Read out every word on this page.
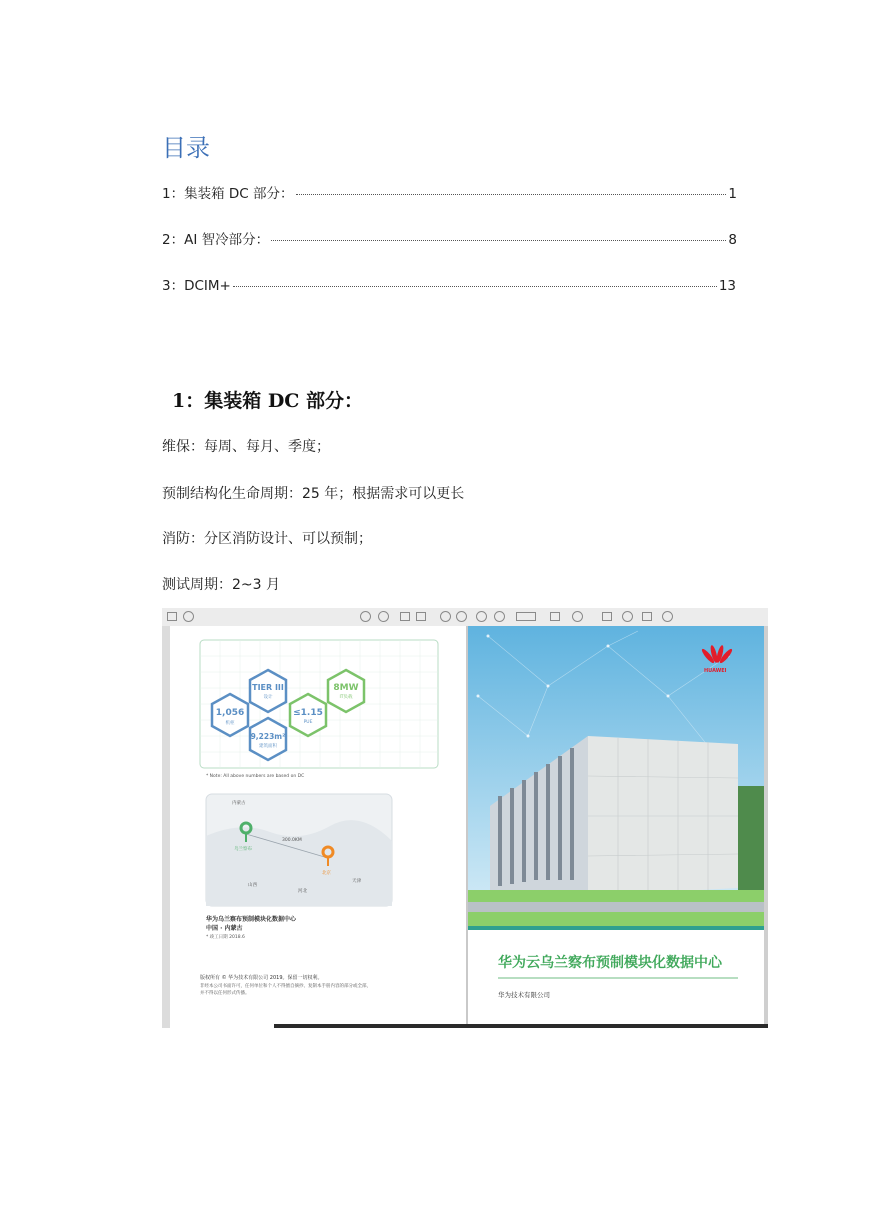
目录
1：集装箱 DC 部分：	1
2：AI 智冷部分：	8
3：DCIM+	13
1：集装箱 DC 部分：
维保：每周、每月、季度；
预制结构化生命周期：25 年；根据需求可以更长
消防：分区消防设计、可以预制；
测试周期：2~3 月
1,056
机柜
TIER III
设计
≤1.15
PUE
8MW
IT负载
9,223m²
建筑面积
* Note: All above numbers are based on DC
内蒙古
乌兰察布
300.0KM
北京
山西
河北
天津
华为乌兰察布预制模块化数据中心
中国 · 内蒙古
* 竣工日期 2018.6
版权所有 © 华为技术有限公司 2019。保留一切权利。
非经本公司书面许可，任何单位和个人不得擅自摘抄、复制本手册内容的部分或全部，
并不得以任何形式传播。
HUAWEI
华为云乌兰察布预制模块化数据中心
华为技术有限公司
